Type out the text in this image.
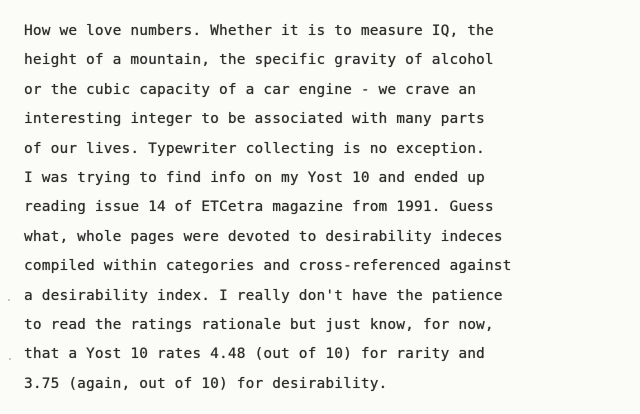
How we love numbers. Whether it is to measure IQ, the
height of a mountain, the specific gravity of alcohol
or the cubic capacity of a car engine - we crave an
interesting integer to be associated with many parts
of our lives. Typewriter collecting is no exception.
I was trying to find info on my Yost 10 and ended up
reading issue 14 of ETCetra magazine from 1991. Guess
what, whole pages were devoted to desirability indeces
compiled within categories and cross-referenced against
a desirability index. I really don't have the patience
to read the ratings rationale but just know, for now,
that a Yost 10 rates 4.48 (out of 10) for rarity and
3.75 (again, out of 10) for desirability.
